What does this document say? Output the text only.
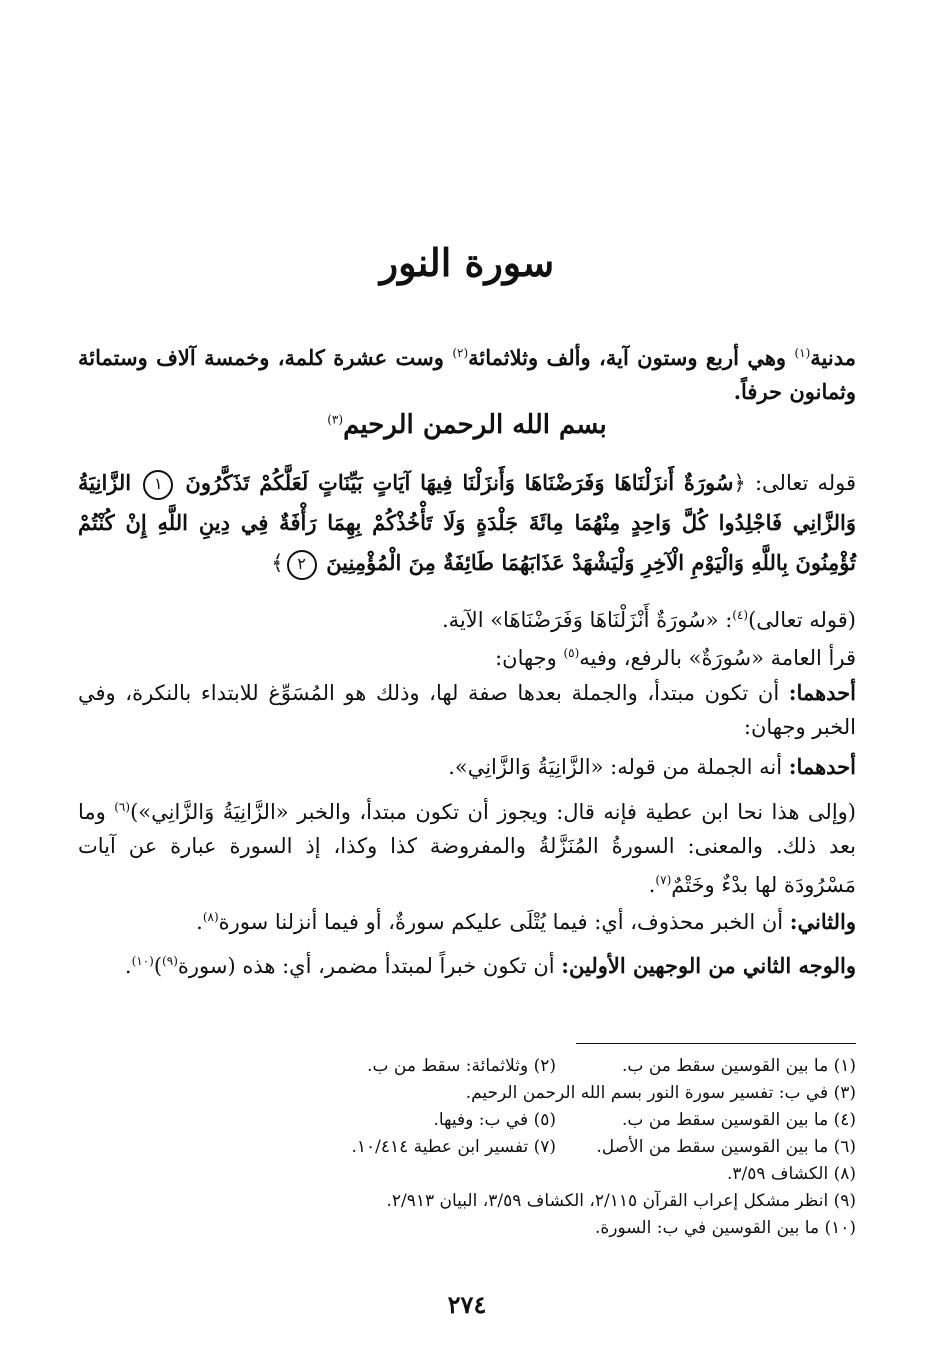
سورة النور
مدنية$^{(١)}$ وهي أربع وستون آية، وألف وثلاثمائة$^{(٢)}$ وست عشرة كلمة، وخمسة آلاف وستمائة وثمانون حرفاً.
بسم الله الرحمن الرحيم$^{(٣)}$
قوله تعالى: ﴿سُورَةٌ أَنزَلْنَاهَا وَفَرَضْنَاهَا وَأَنزَلْنَا فِيهَا آيَاتٍ بَيِّنَاتٍ لَعَلَّكُمْ تَذَكَّرُونَ ١ الزَّانِيَةُ وَالزَّانِي فَاجْلِدُوا كُلَّ وَاحِدٍ مِنْهُمَا مِائَةَ جَلْدَةٍ وَلَا تَأْخُذْكُمْ بِهِمَا رَأْفَةٌ فِي دِينِ اللَّهِ إِنْ كُنْتُمْ تُؤْمِنُونَ بِاللَّهِ وَالْيَوْمِ الْآخِرِ وَلْيَشْهَدْ عَذَابَهُمَا طَائِفَةٌ مِنَ الْمُؤْمِنِينَ ٢﴾
(قوله تعالى)$^{(٤)}$: «سُورَةٌ أَنْزَلْنَاهَا وَفَرَضْنَاهَا» الآية.
قرأ العامة «سُورَةٌ» بالرفع، وفيه$^{(٥)}$ وجهان:
أحدهما: أن تكون مبتدأ، والجملة بعدها صفة لها، وذلك هو المُسَوِّغ للابتداء بالنكرة، وفي الخبر وجهان:
أحدهما: أنه الجملة من قوله: «الزَّانِيَةُ وَالزَّانِي».
(وإلى هذا نحا ابن عطية فإنه قال: ويجوز أن تكون مبتدأ، والخبر «الزَّانِيَةُ وَالزَّانِي»)$^{(٦)}$ وما بعد ذلك. والمعنى: السورةُ المُنَزَّلةُ والمفروضة كذا وكذا، إذ السورة عبارة عن آيات مَسْرُودَة لها بدْءٌ وخَتْمٌ$^{(٧)}$.
والثاني: أن الخبر محذوف، أي: فيما يُتْلَى عليكم سورةٌ، أو فيما أنزلنا سورة$^{(٨)}$.
والوجه الثاني من الوجهين الأولين: أن تكون خبراً لمبتدأ مضمر، أي: هذه (سورة$^{(٩)}$)$^{(١٠)}$.
(١) ما بين القوسين سقط من ب.
(٢) وثلاثمائة: سقط من ب.
(٣) في ب: تفسير سورة النور بسم الله الرحمن الرحيم.
(٤) ما بين القوسين سقط من ب.
(٥) في ب: وفيها.
(٦) ما بين القوسين سقط من الأصل.
(٧) تفسير ابن عطية ١٠/٤١٤.
(٨) الكشاف ٣/٥٩.
(٩) انظر مشكل إعراب القرآن ٢/١١٥، الكشاف ٣/٥٩، البيان ٢/٩١٣.
(١٠) ما بين القوسين في ب: السورة.
٢٧٤
